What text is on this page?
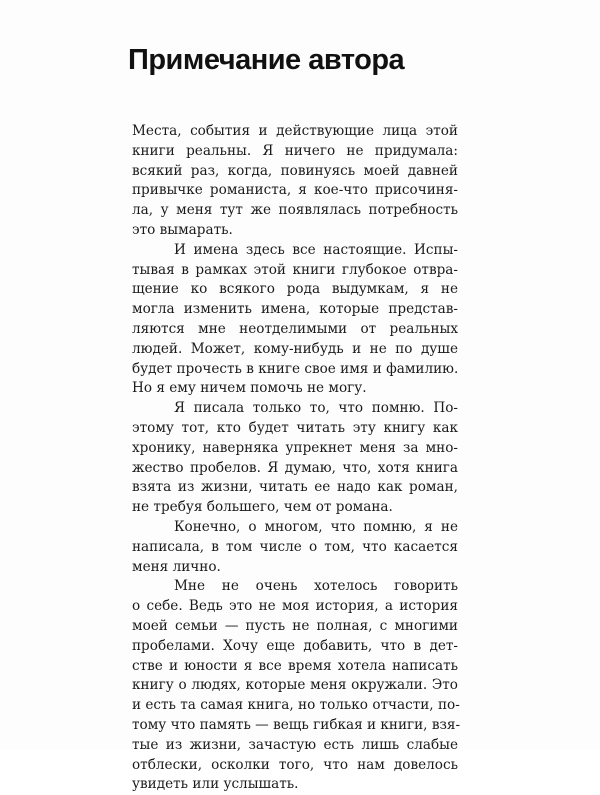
Примечание автора
Места, события и действующие лица этой
книги реальны. Я ничего не придумала:
всякий раз, когда, повинуясь моей давней
привычке романиста, я кое-что присочиня-
ла, у меня тут же появлялась потребность
это вымарать.
И имена здесь все настоящие. Испы-
тывая в рамках этой книги глубокое отвра-
щение ко всякого рода выдумкам, я не
могла изменить имена, которые представ-
ляются мне неотделимыми от реальных
людей. Может, кому-нибудь и не по душе
будет прочесть в книге свое имя и фамилию.
Но я ему ничем помочь не могу.
Я писала только то, что помню. По-
этому тот, кто будет читать эту книгу как
хронику, наверняка упрекнет меня за мно-
жество пробелов. Я думаю, что, хотя книга
взята из жизни, читать ее надо как роман,
не требуя большего, чем от романа.
Конечно, о многом, что помню, я не
написала, в том числе о том, что касается
меня лично.
Мне не очень хотелось говорить
о себе. Ведь это не моя история, а история
моей семьи — пусть не полная, с многими
пробелами. Хочу еще добавить, что в дет-
стве и юности я все время хотела написать
книгу о людях, которые меня окружали. Это
и есть та самая книга, но только отчасти, по-
тому что память — вещь гибкая и книги, взя-
тые из жизни, зачастую есть лишь слабые
отблески, осколки того, что нам довелось
увидеть или услышать.
